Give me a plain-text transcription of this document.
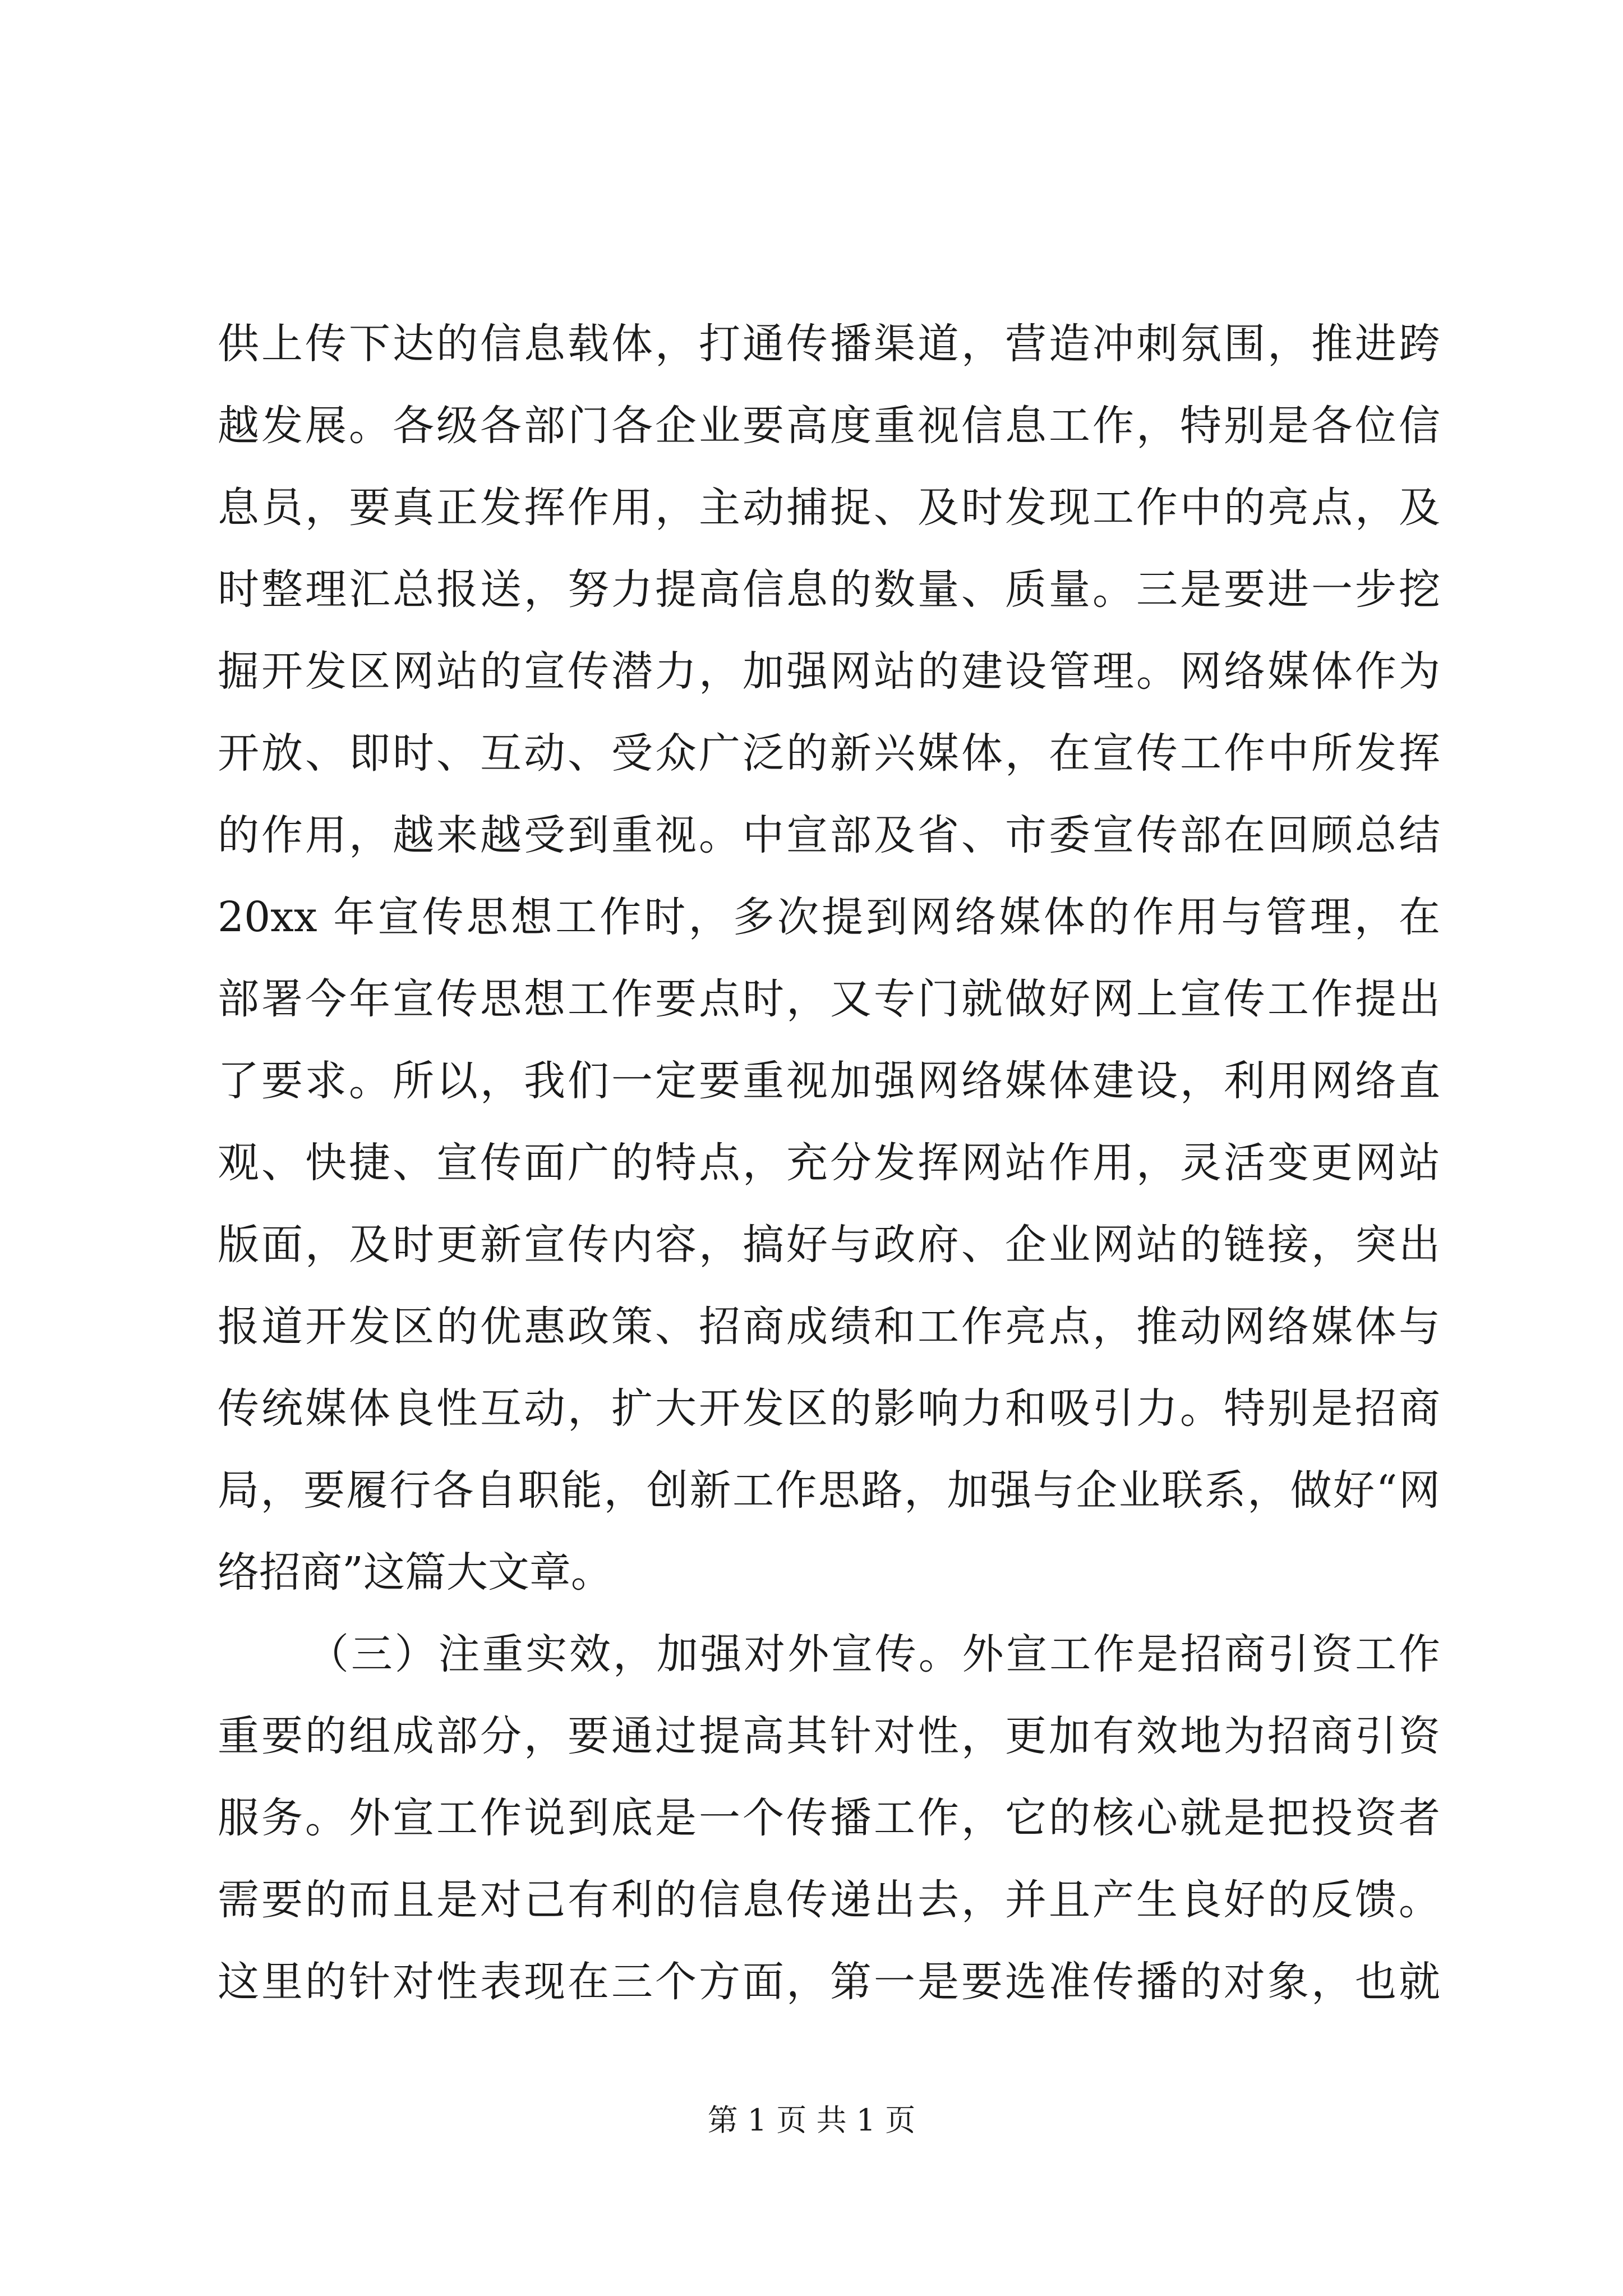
供上传下达的信息载体，打通传播渠道，营造冲刺氛围，推进跨
越发展。各级各部门各企业要高度重视信息工作，特别是各位信
息员，要真正发挥作用，主动捕捉、及时发现工作中的亮点，及
时整理汇总报送，努力提高信息的数量、质量。三是要进一步挖
掘开发区网站的宣传潜力，加强网站的建设管理。网络媒体作为
开放、即时、互动、受众广泛的新兴媒体，在宣传工作中所发挥
的作用，越来越受到重视。中宣部及省、市委宣传部在回顾总结
20xx 年宣传思想工作时，多次提到网络媒体的作用与管理，在
部署今年宣传思想工作要点时，又专门就做好网上宣传工作提出
了要求。所以，我们一定要重视加强网络媒体建设，利用网络直
观、快捷、宣传面广的特点，充分发挥网站作用，灵活变更网站
版面，及时更新宣传内容，搞好与政府、企业网站的链接，突出
报道开发区的优惠政策、招商成绩和工作亮点，推动网络媒体与
传统媒体良性互动，扩大开发区的影响力和吸引力。特别是招商
局，要履行各自职能，创新工作思路，加强与企业联系，做好“网
络招商”这篇大文章。
（三）注重实效，加强对外宣传。外宣工作是招商引资工作
重要的组成部分，要通过提高其针对性，更加有效地为招商引资
服务。外宣工作说到底是一个传播工作，它的核心就是把投资者
需要的而且是对己有利的信息传递出去，并且产生良好的反馈。
这里的针对性表现在三个方面，第一是要选准传播的对象，也就
第 1 页 共 1 页
